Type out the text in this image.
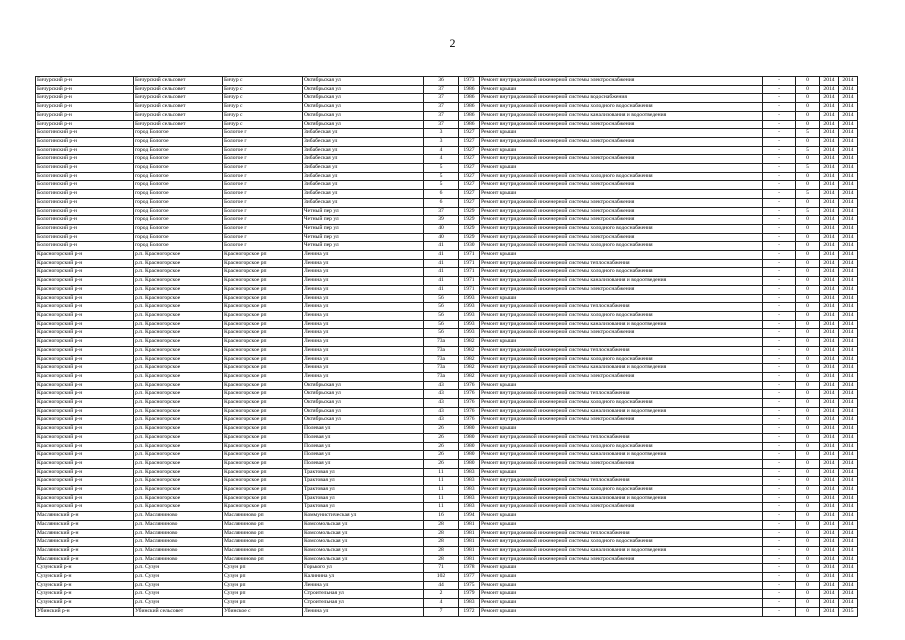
2
Бичурский р-н	Бичурский сельсовет	Бичур с	Октябрьская ул	36	1973	Ремонт внутридомовой инженерной системы электроснабжения	-	0	2014	2014
Бичурский р-н	Бичурский сельсовет	Бичур с	Октябрьская ул	37	1986	Ремонт крыши	-	0	2014	2014
Бичурский р-н	Бичурский сельсовет	Бичур с	Октябрьская ул	37	1986	Ремонт внутридомовой инженерной системы водоснабжения	-	0	2014	2014
Бичурский р-н	Бичурский сельсовет	Бичур с	Октябрьская ул	37	1986	Ремонт внутридомовой инженерной системы холодного водоснабжения	-	0	2014	2014
Бичурский р-н	Бичурский сельсовет	Бичур с	Октябрьская ул	37	1986	Ремонт внутридомовой инженерной системы канализования и водоотведения	-	0	2014	2014
Бичурский р-н	Бичурский сельсовет	Бичур с	Октябрьская ул	37	1986	Ремонт внутридомовой инженерной системы электроснабжения	-	0	2014	2014
Бологинский р-н	город Бологое	Бологое г	Зибабеская ул	3	1927	Ремонт крыши	-	5	2014	2014
Бологинский р-н	город Бологое	Бологое г	Зибабеская ул	3	1927	Ремонт внутридомовой инженерной системы электроснабжения	-	0	2014	2014
Бологинский р-н	город Бологое	Бологое г	Зибабеская ул	4	1927	Ремонт крыши	-	5	2014	2014
Бологинский р-н	город Бологое	Бологое г	Зибабеская ул	4	1927	Ремонт внутридомовой инженерной системы электроснабжения	-	0	2014	2014
Бологинский р-н	город Бологое	Бологое г	Зибабеская ул	5	1927	Ремонт крыши	-	5	2014	2014
Бологинский р-н	город Бологое	Бологое г	Зибабеская ул	5	1927	Ремонт внутридомовой инженерной системы холодного водоснабжения	-	0	2014	2014
Бологинский р-н	город Бологое	Бологое г	Зибабеская ул	5	1927	Ремонт внутридомовой инженерной системы электроснабжения	-	0	2014	2014
Бологинский р-н	город Бологое	Бологое г	Зибабеская ул	6	1927	Ремонт крыши	-	5	2014	2014
Бологинский р-н	город Бологое	Бологое г	Зибабеская ул	6	1927	Ремонт внутридомовой инженерной системы электроснабжения	-	0	2014	2014
Бологинский р-н	город Бологое	Бологое г	Четный пер ул	37	1929	Ремонт внутридомовой инженерной системы электроснабжения	-	5	2014	2014
Бологинский р-н	город Бологое	Бологое г	Четный пер ул	39	1929	Ремонт внутридомовой инженерной системы электроснабжения	-	0	2014	2014
Бологинский р-н	город Бологое	Бологое г	Четный пер ул	40	1929	Ремонт внутридомовой инженерной системы холодного водоснабжения	-	0	2014	2014
Бологинский р-н	город Бологое	Бологое г	Четный пер ул	40	1929	Ремонт внутридомовой инженерной системы электроснабжения	-	0	2014	2014
Бологинский р-н	город Бологое	Бологое г	Четный пер ул	41	1930	Ремонт внутридомовой инженерной системы холодного водоснабжения	-	0	2014	2014
Красногорский р-н	р.п. Красногорское	Красногорское рп	Ленина ул	41	1971	Ремонт крыши	-	0	2014	2014
Красногорский р-н	р.п. Красногорское	Красногорское рп	Ленина ул	41	1971	Ремонт внутридомовой инженерной системы теплоснабжения	-	0	2014	2014
Красногорский р-н	р.п. Красногорское	Красногорское рп	Ленина ул	41	1971	Ремонт внутридомовой инженерной системы холодного водоснабжения	-	0	2014	2014
Красногорский р-н	р.п. Красногорское	Красногорское рп	Ленина ул	41	1971	Ремонт внутридомовой инженерной системы канализования и водоотведения	-	0	2014	2014
Красногорский р-н	р.п. Красногорское	Красногорское рп	Ленина ул	41	1971	Ремонт внутридомовой инженерной системы электроснабжения	-	0	2014	2014
Красногорский р-н	р.п. Красногорское	Красногорское рп	Ленина ул	56	1993	Ремонт крыши	-	0	2014	2014
Красногорский р-н	р.п. Красногорское	Красногорское рп	Ленина ул	56	1993	Ремонт внутридомовой инженерной системы теплоснабжения	-	0	2014	2014
Красногорский р-н	р.п. Красногорское	Красногорское рп	Ленина ул	56	1993	Ремонт внутридомовой инженерной системы холодного водоснабжения	-	0	2014	2014
Красногорский р-н	р.п. Красногорское	Красногорское рп	Ленина ул	56	1993	Ремонт внутридомовой инженерной системы канализования и водоотведения	-	0	2014	2014
Красногорский р-н	р.п. Красногорское	Красногорское рп	Ленина ул	56	1993	Ремонт внутридомовой инженерной системы электроснабжения	-	0	2014	2014
Красногорский р-н	р.п. Красногорское	Красногорское рп	Ленина ул	73а	1982	Ремонт крыши	-	0	2014	2014
Красногорский р-н	р.п. Красногорское	Красногорское рп	Ленина ул	73а	1982	Ремонт внутридомовой инженерной системы теплоснабжения	-	0	2014	2014
Красногорский р-н	р.п. Красногорское	Красногорское рп	Ленина ул	73а	1982	Ремонт внутридомовой инженерной системы холодного водоснабжения	-	0	2014	2014
Красногорский р-н	р.п. Красногорское	Красногорское рп	Ленина ул	73а	1982	Ремонт внутридомовой инженерной системы канализования и водоотведения	-	0	2014	2014
Красногорский р-н	р.п. Красногорское	Красногорское рп	Ленина ул	73а	1982	Ремонт внутридомовой инженерной системы электроснабжения	-	0	2014	2014
Красногорский р-н	р.п. Красногорское	Красногорское рп	Октябрьская ул	43	1976	Ремонт крыши	-	0	2014	2014
Красногорский р-н	р.п. Красногорское	Красногорское рп	Октябрьская ул	43	1976	Ремонт внутридомовой инженерной системы теплоснабжения	-	0	2014	2014
Красногорский р-н	р.п. Красногорское	Красногорское рп	Октябрьская ул	43	1976	Ремонт внутридомовой инженерной системы холодного водоснабжения	-	0	2014	2014
Красногорский р-н	р.п. Красногорское	Красногорское рп	Октябрьская ул	43	1976	Ремонт внутридомовой инженерной системы канализования и водоотведения	-	0	2014	2014
Красногорский р-н	р.п. Красногорское	Красногорское рп	Октябрьская ул	43	1976	Ремонт внутридомовой инженерной системы электроснабжения	-	0	2014	2014
Красногорский р-н	р.п. Красногорское	Красногорское рп	Полевая ул	26	1980	Ремонт крыши	-	0	2014	2014
Красногорский р-н	р.п. Красногорское	Красногорское рп	Полевая ул	26	1980	Ремонт внутридомовой инженерной системы теплоснабжения	-	0	2014	2014
Красногорский р-н	р.п. Красногорское	Красногорское рп	Полевая ул	26	1980	Ремонт внутридомовой инженерной системы холодного водоснабжения	-	0	2014	2014
Красногорский р-н	р.п. Красногорское	Красногорское рп	Полевая ул	26	1980	Ремонт внутридомовой инженерной системы канализования и водоотведения	-	0	2014	2014
Красногорский р-н	р.п. Красногорское	Красногорское рп	Полевая ул	26	1980	Ремонт внутридомовой инженерной системы электроснабжения	-	0	2014	2014
Красногорский р-н	р.п. Красногорское	Красногорское рп	Трактовая ул	11	1983	Ремонт крыши	-	0	2014	2014
Красногорский р-н	р.п. Красногорское	Красногорское рп	Трактовая ул	11	1983	Ремонт внутридомовой инженерной системы теплоснабжения	-	0	2014	2014
Красногорский р-н	р.п. Красногорское	Красногорское рп	Трактовая ул	11	1983	Ремонт внутридомовой инженерной системы холодного водоснабжения	-	0	2014	2014
Красногорский р-н	р.п. Красногорское	Красногорское рп	Трактовая ул	11	1983	Ремонт внутридомовой инженерной системы канализования и водоотведения	-	0	2014	2014
Красногорский р-н	р.п. Красногорское	Красногорское рп	Трактовая ул	11	1983	Ремонт внутридомовой инженерной системы электроснабжения	-	0	2014	2014
Масляниский р-н	р.п. Масляниново	Масляниново рп	Коммунистическая ул	16	1994	Ремонт крыши	-	0	2014	2014
Масляниский р-н	р.п. Масляниново	Масляниново рп	Комсомольская ул	28	1981	Ремонт крыши	-	0	2014	2014
Масляниский р-н	р.п. Масляниново	Масляниново рп	Комсомольская ул	28	1981	Ремонт внутридомовой инженерной системы теплоснабжения	-	0	2014	2014
Масляниский р-н	р.п. Масляниново	Масляниново рп	Комсомольская ул	28	1981	Ремонт внутридомовой инженерной системы холодного водоснабжения	-	0	2014	2014
Масляниский р-н	р.п. Масляниново	Масляниново рп	Комсомольская ул	28	1981	Ремонт внутридомовой инженерной системы канализования и водоотведения	-	0	2014	2014
Масляниский р-н	р.п. Масляниново	Масляниново рп	Комсомольская ул	28	1981	Ремонт внутридомовой инженерной системы электроснабжения	-	0	2014	2014
Сузунский р-н	р.п. Сузун	Сузун рп	Горького ул	71	1978	Ремонт крыши	-	0	2014	2014
Сузунский р-н	р.п. Сузун	Сузун рп	Калинина ул	102	1977	Ремонт крыши	-	0	2014	2014
Сузунский р-н	р.п. Сузун	Сузун рп	Ленина ул	44	1975	Ремонт крыши	-	0	2014	2014
Сузунский р-н	р.п. Сузун	Сузун рп	Строительная ул	2	1979	Ремонт крыши	-	0	2014	2014
Сузунский р-н	р.п. Сузун	Сузун рп	Строительная ул	4	1983	Ремонт крыши	-	0	2014	2014
Убинский р-н	Убинский сельсовет	Убинское с	Ленина ул	7	1972	Ремонт крыши	-	0	2014	2015
